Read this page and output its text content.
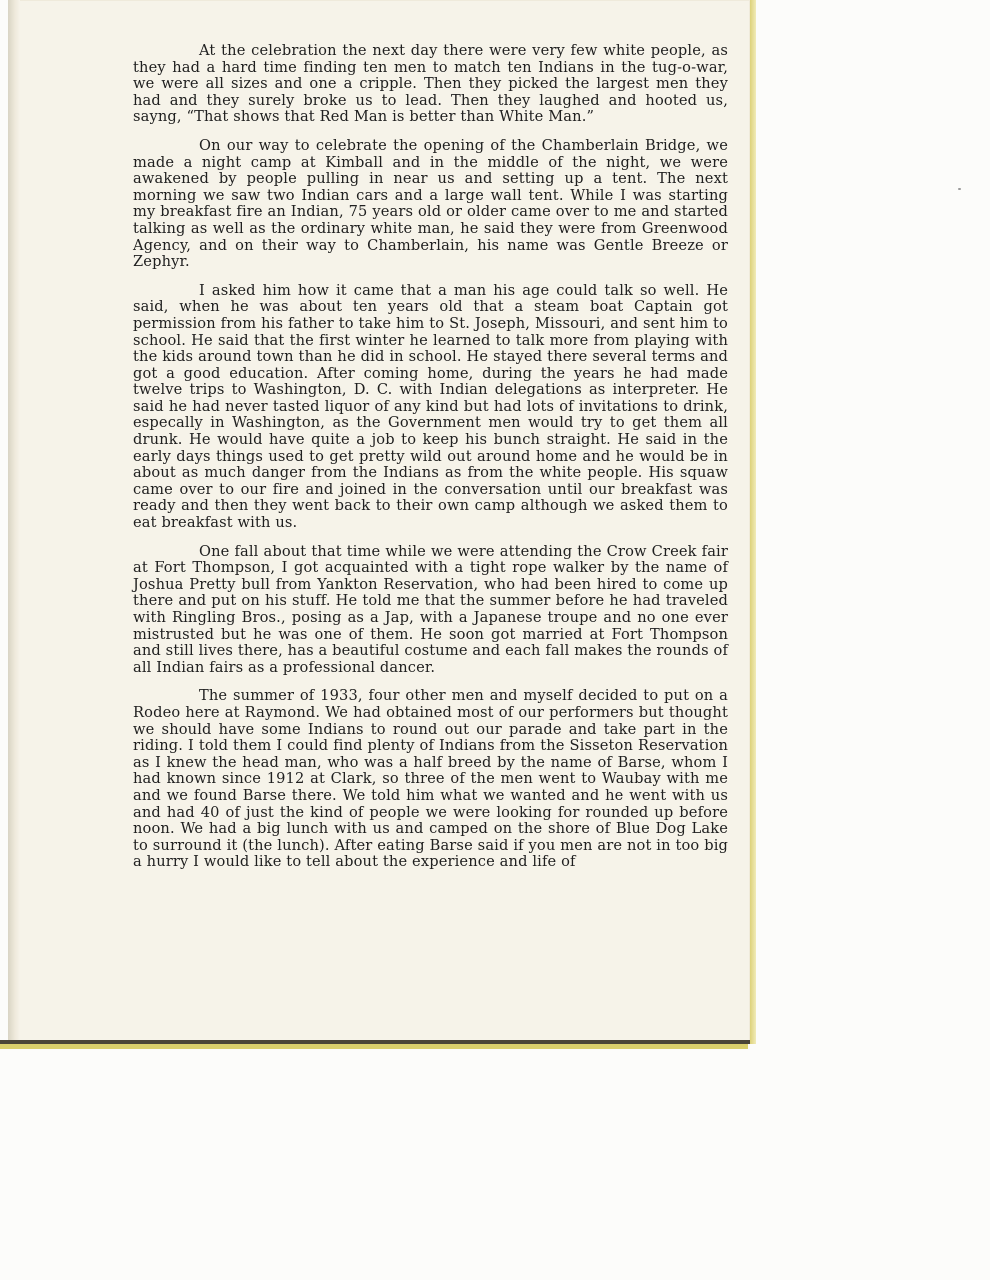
At the celebration the next day there were very few white people, as they had a hard time finding ten men to match ten Indians in the tug-o-war, we were all sizes and one a cripple. Then they picked the largest men they had and they surely broke us to lead. Then they laughed and hooted us, sayng, “That shows that Red Man is better than White Man.”

On our way to celebrate the opening of the Chamberlain Bridge, we made a night camp at Kimball and in the middle of the night, we were awakened by people pulling in near us and setting up a tent. The next morning we saw two Indian cars and a large wall tent. While I was starting my breakfast fire an Indian, 75 years old or older came over to me and started talking as well as the ordinary white man, he said they were from Greenwood Agency, and on their way to Chamberlain, his name was Gentle Breeze or Zephyr.

I asked him how it came that a man his age could talk so well. He said, when he was about ten years old that a steam boat Captain got permission from his father to take him to St. Joseph, Missouri, and sent him to school. He said that the first winter he learned to talk more from playing with the kids around town than he did in school. He stayed there several terms and got a good education. After coming home, during the years he had made twelve trips to Washington, D. C. with Indian delegations as interpreter. He said he had never tasted liquor of any kind but had lots of invitations to drink, especally in Washington, as the Government men would try to get them all drunk. He would have quite a job to keep his bunch straight. He said in the early days things used to get pretty wild out around home and he would be in about as much danger from the Indians as from the white people. His squaw came over to our fire and joined in the conversation until our breakfast was ready and then they went back to their own camp although we asked them to eat breakfast with us.

One fall about that time while we were attending the Crow Creek fair at Fort Thompson, I got acquainted with a tight rope walker by the name of Joshua Pretty bull from Yankton Reservation, who had been hired to come up there and put on his stuff. He told me that the summer before he had traveled with Ringling Bros., posing as a Jap, with a Japanese troupe and no one ever mistrusted but he was one of them. He soon got married at Fort Thompson and still lives there, has a beautiful costume and each fall makes the rounds of all Indian fairs as a professional dancer.

The summer of 1933, four other men and myself decided to put on a Rodeo here at Raymond. We had obtained most of our performers but thought we should have some Indians to round out our parade and take part in the riding. I told them I could find plenty of Indians from the Sisseton Reservation as I knew the head man, who was a half breed by the name of Barse, whom I had known since 1912 at Clark, so three of the men went to Waubay with me and we found Barse there. We told him what we wanted and he went with us and had 40 of just the kind of people we were looking for rounded up before noon. We had a big lunch with us and camped on the shore of Blue Dog Lake to surround it (the lunch). After eating Barse said if you men are not in too big a hurry I would like to tell about the experience and life of
